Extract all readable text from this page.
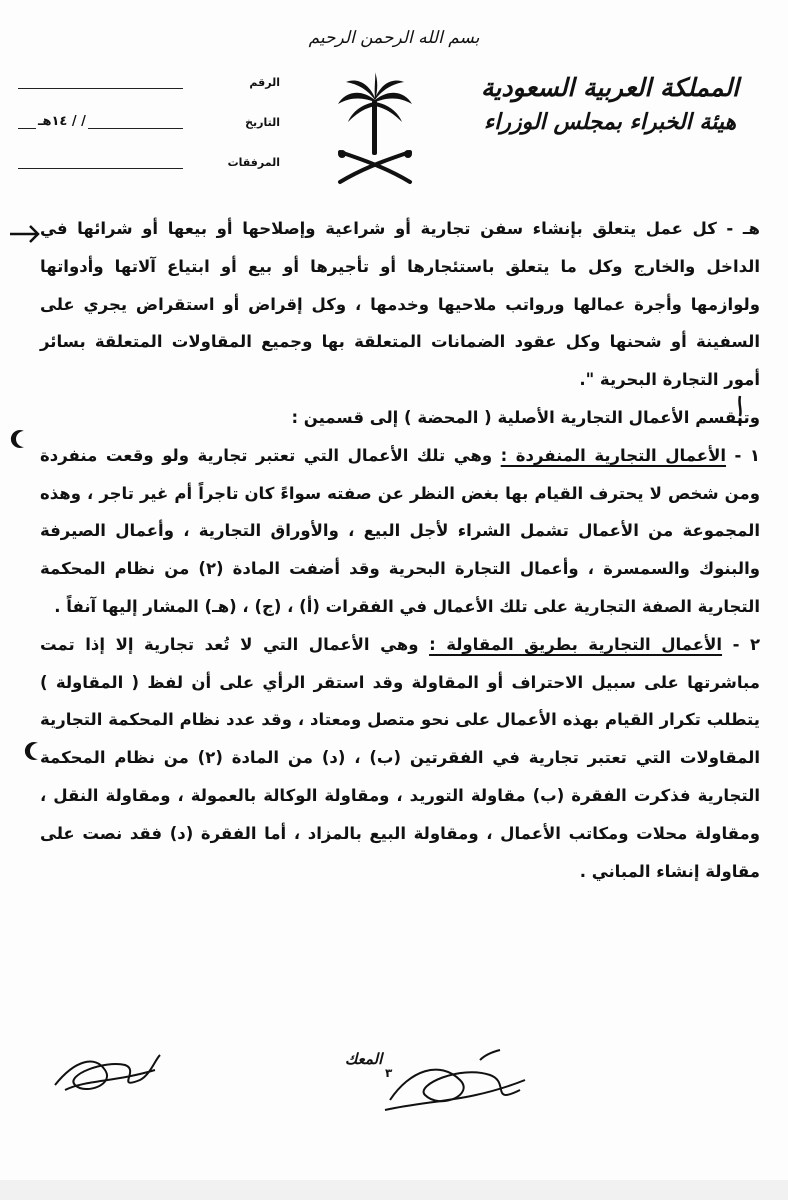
بسم الله الرحمن الرحيم
المملكة العربية السعودية
هيئة الخبراء بمجلس الوزراء
الرقم
التاريخ
المرفقات
/ / ١٤هـ

هـ - كل عمل يتعلق بإنشاء سفن تجارية أو شراعية وإصلاحها أو بيعها أو شرائها في الداخل والخارج وكل ما يتعلق باستئجارها أو تأجيرها أو بيع أو ابتياع آلاتها وأدواتها ولوازمها وأجرة عمالها ورواتب ملاحيها وخدمها ، وكل إقراض أو استقراض يجري على السفينة أو شحنها وكل عقود الضمانات المتعلقة بها وجميع المقاولات المتعلقة بسائر أمور التجارة البحرية ".

وتنقسم الأعمال التجارية الأصلية ( المحضة ) إلى قسمين :

١ - الأعمال التجارية المنفردة : وهي تلك الأعمال التي تعتبر تجارية ولو وقعت منفردة ومن شخص لا يحترف القيام بها بغض النظر عن صفته سواءً كان تاجراً أم غير تاجر ، وهذه المجموعة من الأعمال تشمل الشراء لأجل البيع ، والأوراق التجارية ، وأعمال الصيرفة والبنوك والسمسرة ، وأعمال التجارة البحرية وقد أضفت المادة (٢) من نظام المحكمة التجارية الصفة التجارية على تلك الأعمال في الفقرات (أ) ، (ج) ، (هـ) المشار إليها آنفاً .

٢ - الأعمال التجارية بطريق المقاولة : وهي الأعمال التي لا تُعد تجارية إلا إذا تمت مباشرتها على سبيل الاحتراف أو المقاولة وقد استقر الرأي على أن لفظ ( المقاولة ) يتطلب تكرار القيام بهذه الأعمال على نحو متصل ومعتاد ، وقد عدد نظام المحكمة التجارية المقاولات التي تعتبر تجارية في الفقرتين (ب) ، (د) من المادة (٢) من نظام المحكمة التجارية فذكرت الفقرة (ب) مقاولة التوريد ، ومقاولة الوكالة بالعمولة ، ومقاولة النقل ، ومقاولة محلات ومكاتب الأعمال ، ومقاولة البيع بالمزاد ، أما الفقرة (د) فقد نصت على مقاولة إنشاء المباني .

٣
المعك
